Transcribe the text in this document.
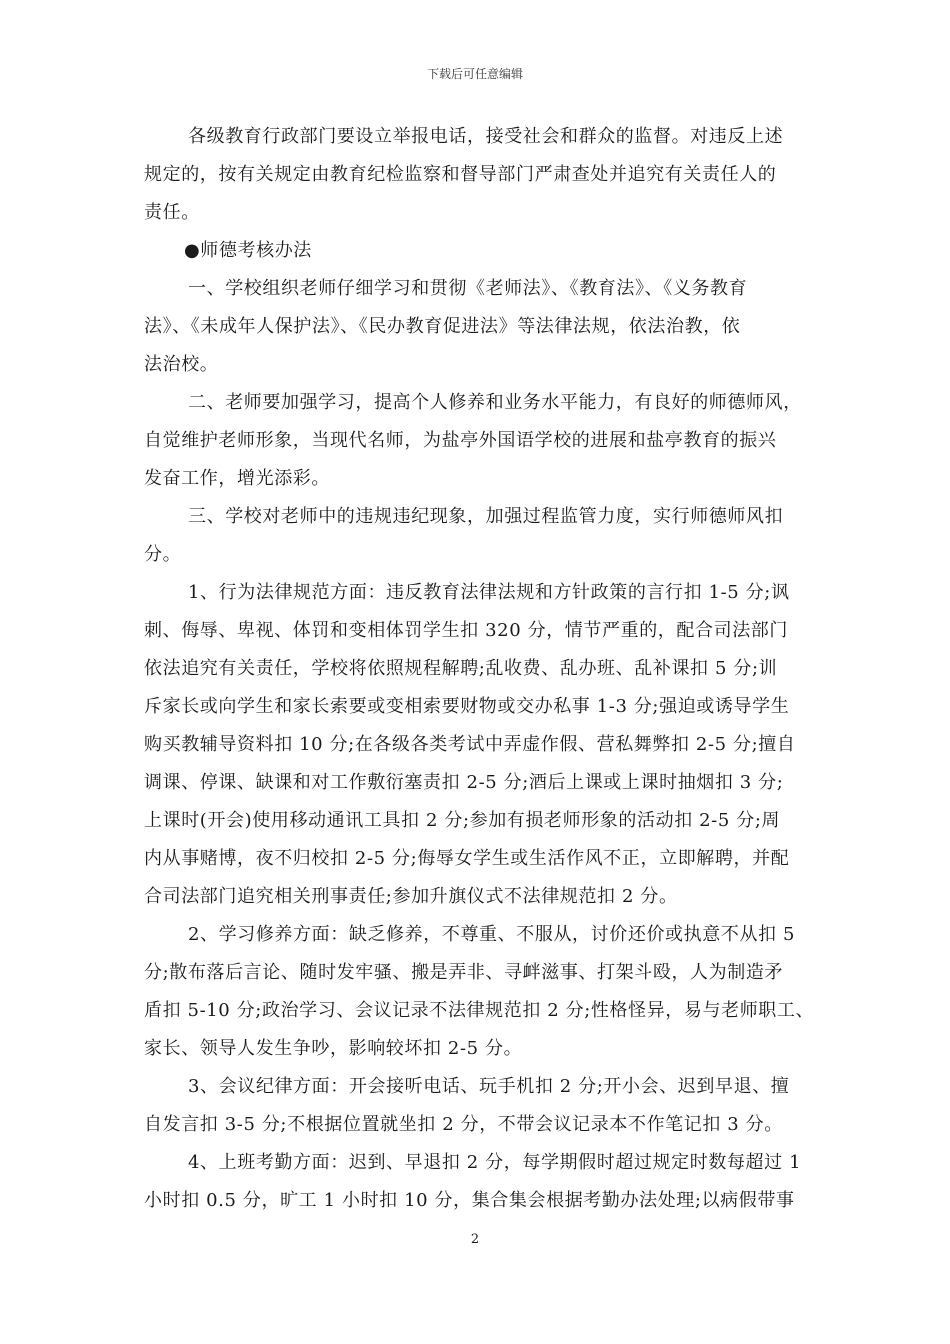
下载后可任意编辑

各级教育行政部门要设立举报电话，接受社会和群众的监督。对违反上述
规定的，按有关规定由教育纪检监察和督导部门严肃查处并追究有关责任人的
责任。

●师德考核办法

一、学校组织老师仔细学习和贯彻《老师法》、《教育法》、《义务教育
法》、《未成年人保护法》、《民办教育促进法》等法律法规，依法治教，依
法治校。

二、老师要加强学习，提高个人修养和业务水平能力，有良好的师德师风，
自觉维护老师形象，当现代名师，为盐亭外国语学校的进展和盐亭教育的振兴
发奋工作，增光添彩。

三、学校对老师中的违规违纪现象，加强过程监管力度，实行师德师风扣
分。

1、行为法律规范方面：违反教育法律法规和方针政策的言行扣 1-5 分;讽
刺、侮辱、卑视、体罚和变相体罚学生扣 320 分，情节严重的，配合司法部门
依法追究有关责任，学校将依照规程解聘;乱收费、乱办班、乱补课扣 5 分;训
斥家长或向学生和家长索要或变相索要财物或交办私事 1-3 分;强迫或诱导学生
购买教辅导资料扣 10 分;在各级各类考试中弄虚作假、营私舞弊扣 2-5 分;擅自
调课、停课、缺课和对工作敷衍塞责扣 2-5 分;酒后上课或上课时抽烟扣 3 分;
上课时(开会)使用移动通讯工具扣 2 分;参加有损老师形象的活动扣 2-5 分;周
内从事赌博，夜不归校扣 2-5 分;侮辱女学生或生活作风不正，立即解聘，并配
合司法部门追究相关刑事责任;参加升旗仪式不法律规范扣 2 分。

2、学习修养方面：缺乏修养，不尊重、不服从，讨价还价或执意不从扣 5
分;散布落后言论、随时发牢骚、搬是弄非、寻衅滋事、打架斗殴，人为制造矛
盾扣 5-10 分;政治学习、会议记录不法律规范扣 2 分;性格怪异，易与老师职工、
家长、领导人发生争吵，影响较坏扣 2-5 分。

3、会议纪律方面：开会接听电话、玩手机扣 2 分;开小会、迟到早退、擅
自发言扣 3-5 分;不根据位置就坐扣 2 分，不带会议记录本不作笔记扣 3 分。

4、上班考勤方面：迟到、早退扣 2 分，每学期假时超过规定时数每超过 1
小时扣 0.5 分，旷工 1 小时扣 10 分，集合集会根据考勤办法处理;以病假带事

2
